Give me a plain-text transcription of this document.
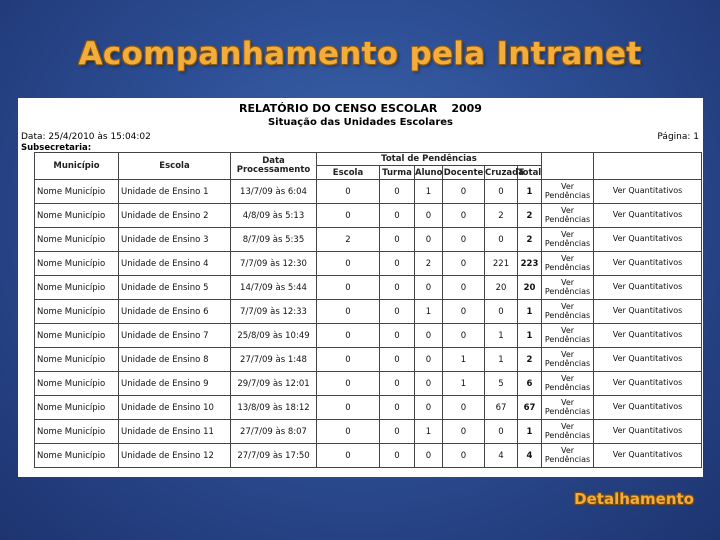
Acompanhamento pela Intranet
RELATÓRIO DO CENSO ESCOLAR 2009
Situação das Unidades Escolares
Data: 25/4/2010 às 15:04:02	Página: 1
Subsecretaria:
Município	Escola	Data Processamento	Total de Pendências							
			Escola	Turma	Aluno	Docente	Cruzada	Total		
Nome Município	Unidade de Ensino 1	13/7/09 às 6:04	0	0	1	0	0	1	Ver Pendências	Ver Quantitativos
Nome Município	Unidade de Ensino 2	4/8/09 às 5:13	0	0	0	0	2	2	Ver Pendências	Ver Quantitativos
Nome Município	Unidade de Ensino 3	8/7/09 às 5:35	2	0	0	0	0	2	Ver Pendências	Ver Quantitativos
Nome Município	Unidade de Ensino 4	7/7/09 às 12:30	0	0	2	0	221	223	Ver Pendências	Ver Quantitativos
Nome Município	Unidade de Ensino 5	14/7/09 às 5:44	0	0	0	0	20	20	Ver Pendências	Ver Quantitativos
Nome Município	Unidade de Ensino 6	7/7/09 às 12:33	0	0	1	0	0	1	Ver Pendências	Ver Quantitativos
Nome Município	Unidade de Ensino 7	25/8/09 às 10:49	0	0	0	0	1	1	Ver Pendências	Ver Quantitativos
Nome Município	Unidade de Ensino 8	27/7/09 às 1:48	0	0	0	1	1	2	Ver Pendências	Ver Quantitativos
Nome Município	Unidade de Ensino 9	29/7/09 às 12:01	0	0	0	1	5	6	Ver Pendências	Ver Quantitativos
Nome Município	Unidade de Ensino 10	13/8/09 às 18:12	0	0	0	0	67	67	Ver Pendências	Ver Quantitativos
Nome Município	Unidade de Ensino 11	27/7/09 às 8:07	0	0	1	0	0	1	Ver Pendências	Ver Quantitativos
Nome Município	Unidade de Ensino 12	27/7/09 às 17:50	0	0	0	0	4	4	Ver Pendências	Ver Quantitativos
Detalhamento
